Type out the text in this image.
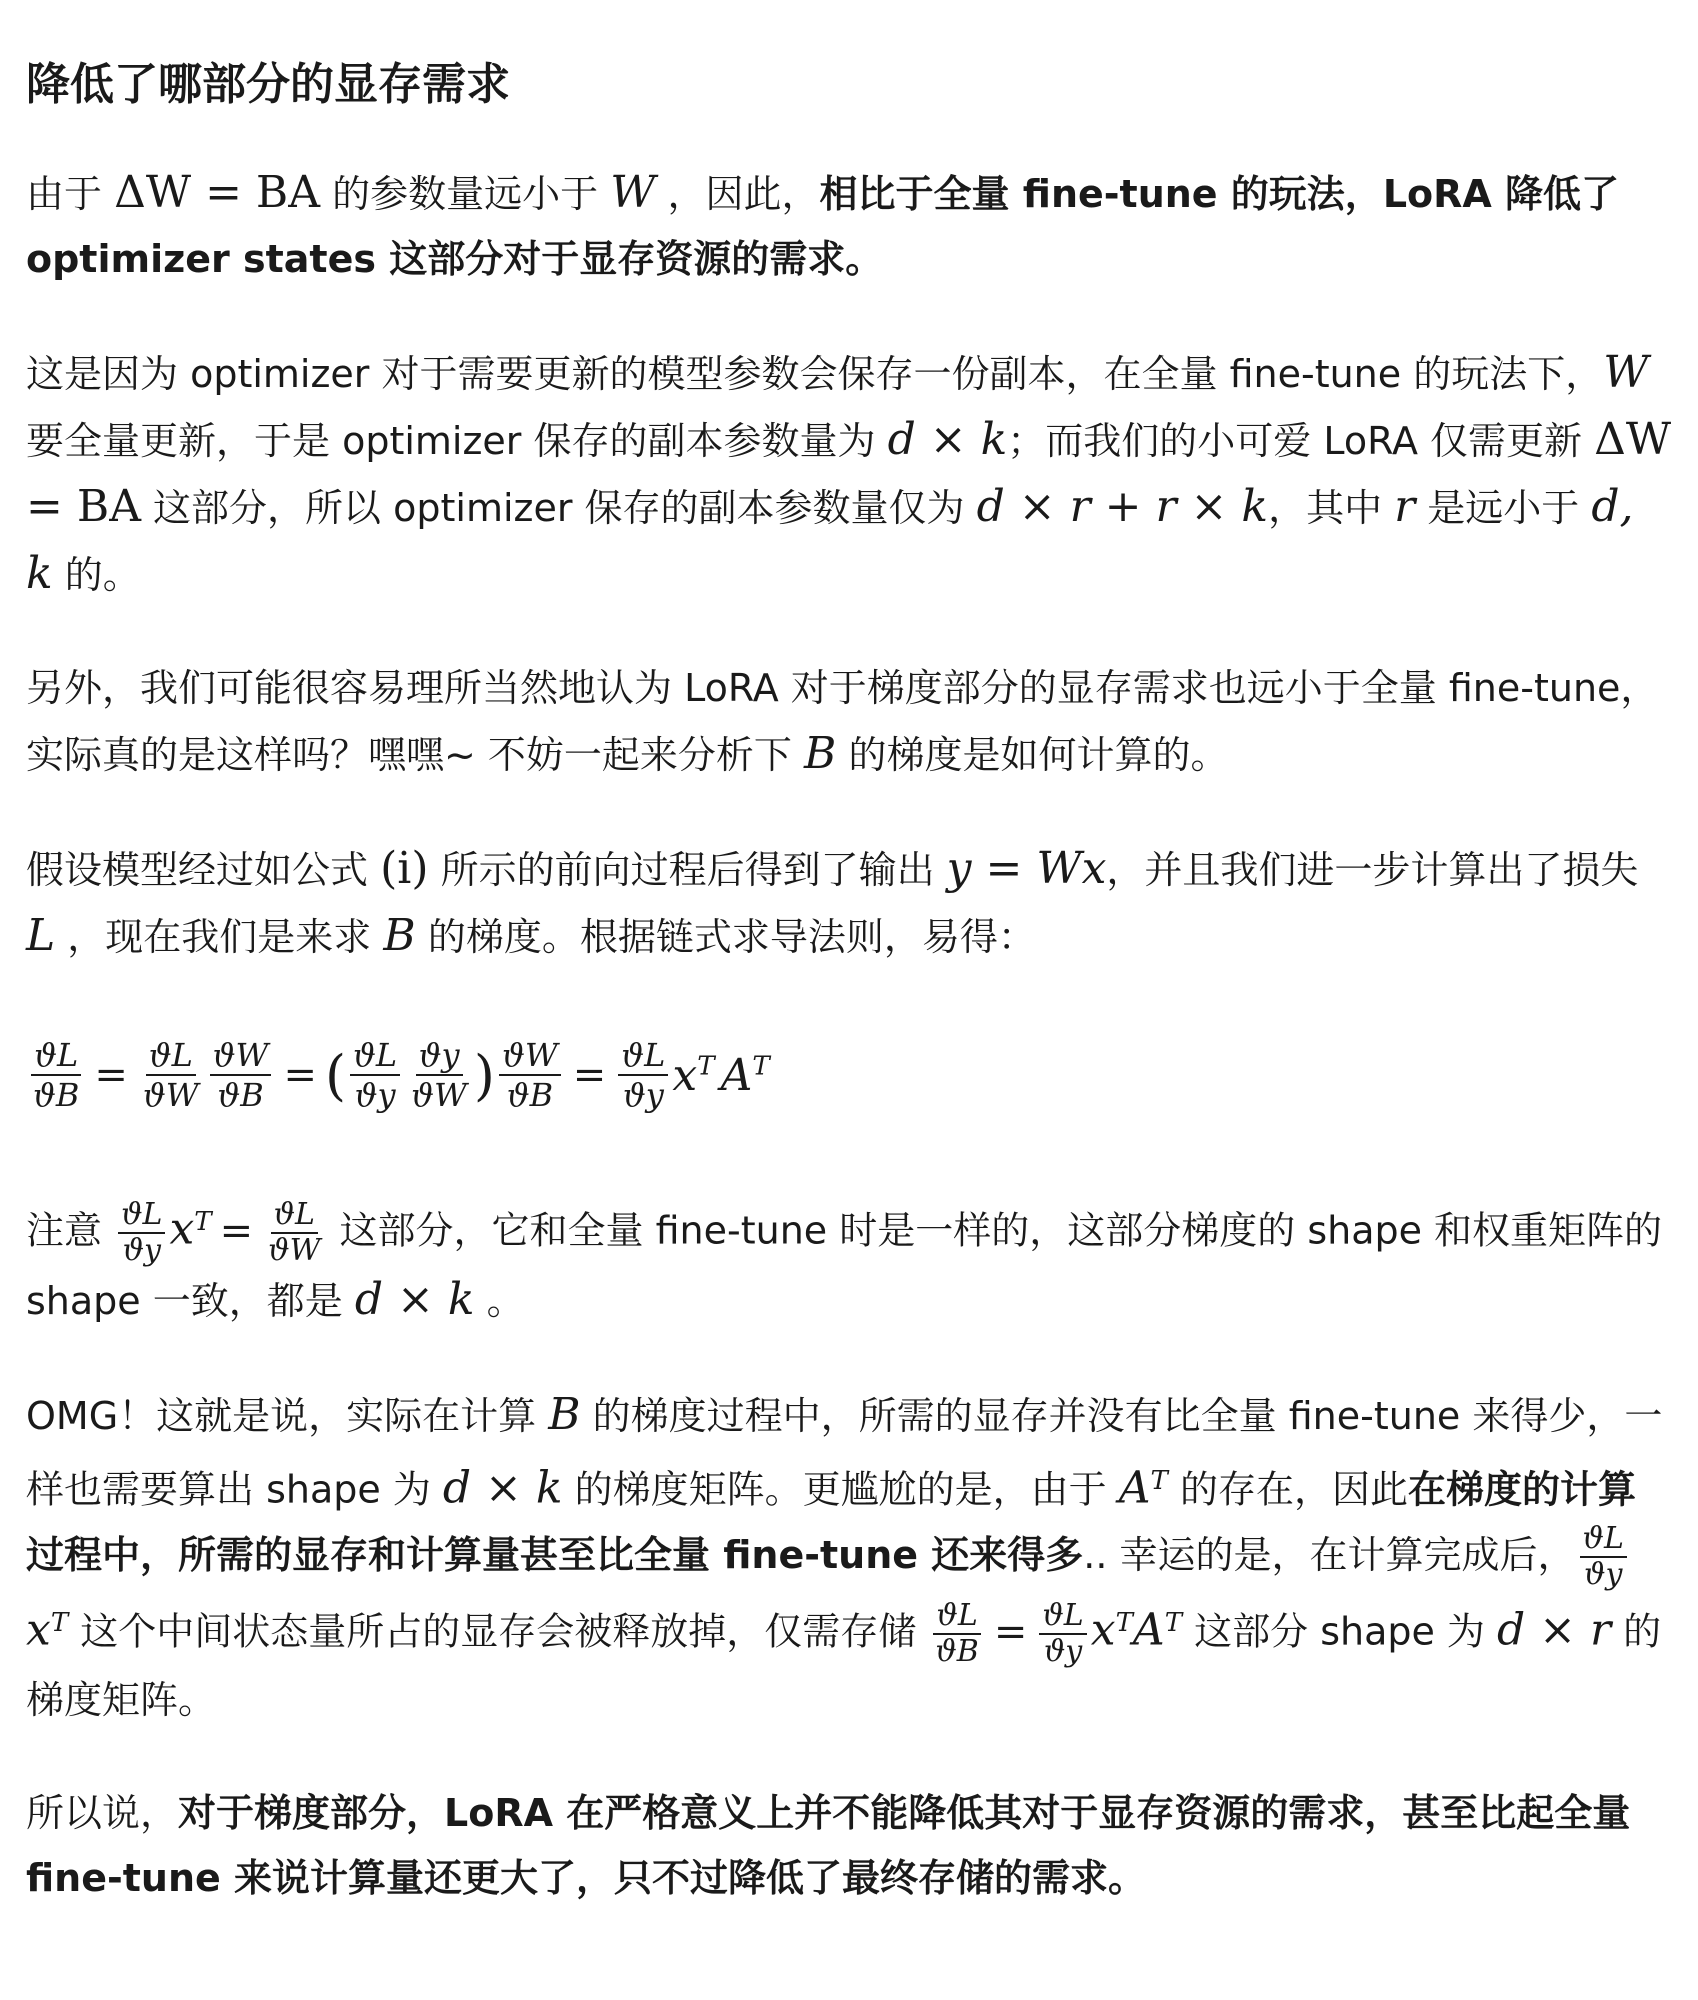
降低了哪部分的显存需求

由于 ΔW = BA 的参数量远小于 W ，因此，相比于全量 fine-tune 的玩法，LoRA 降低了 optimizer states 这部分对于显存资源的需求。

这是因为 optimizer 对于需要更新的模型参数会保存一份副本，在全量 fine-tune 的玩法下，W 要全量更新，于是 optimizer 保存的副本参数量为 d × k；而我们的小可爱 LoRA 仅需更新 ΔW = BA 这部分，所以 optimizer 保存的副本参数量仅为 d × r + r × k，其中 r 是远小于 d, k 的。

另外，我们可能很容易理所当然地认为 LoRA 对于梯度部分的显存需求也远小于全量 fine-tune，实际真的是这样吗？嘿嘿~ 不妨一起来分析下 B 的梯度是如何计算的。

假设模型经过如公式 (i) 所示的前向过程后得到了输出 y = Wx，并且我们进一步计算出了损失 L ，现在我们是来求 B 的梯度。根据链式求导法则，易得：

$\frac{ϑL}{ϑB} = \frac{ϑL}{ϑW} \frac{ϑW}{ϑB}$ = ( $\frac{ϑL}{ϑy} \frac{ϑy}{ϑW}$ ) $\frac{ϑW}{ϑB} = \frac{ϑL}{ϑy} x^T$ $A^T$

注意 $\frac{ϑL}{ϑy} x^T = \frac{ϑL}{ϑW}$ 这部分，它和全量 fine-tune 时是一样的，这部分梯度的 shape 和权重矩阵的 shape 一致，都是 d × k 。

OMG！这就是说，实际在计算 B 的梯度过程中，所需的显存并没有比全量 fine-tune 来得少，一样也需要算出 shape 为 d × k 的梯度矩阵。更尴尬的是，由于 $A^T$ 的存在，因此在梯度的计算过程中，所需的显存和计算量甚至比全量 fine-tune 还来得多.. 幸运的是，在计算完成后， $\frac{ϑL}{ϑy}$
$x^T$ 这个中间状态量所占的显存会被释放掉，仅需存储 $\frac{ϑL}{ϑB} = \frac{ϑL}{ϑy} x^TA^T$ 这部分 shape 为 d × r 的梯度矩阵。

所以说，对于梯度部分，LoRA 在严格意义上并不能降低其对于显存资源的需求，甚至比起全量 fine-tune 来说计算量还更大了，只不过降低了最终存储的需求。
